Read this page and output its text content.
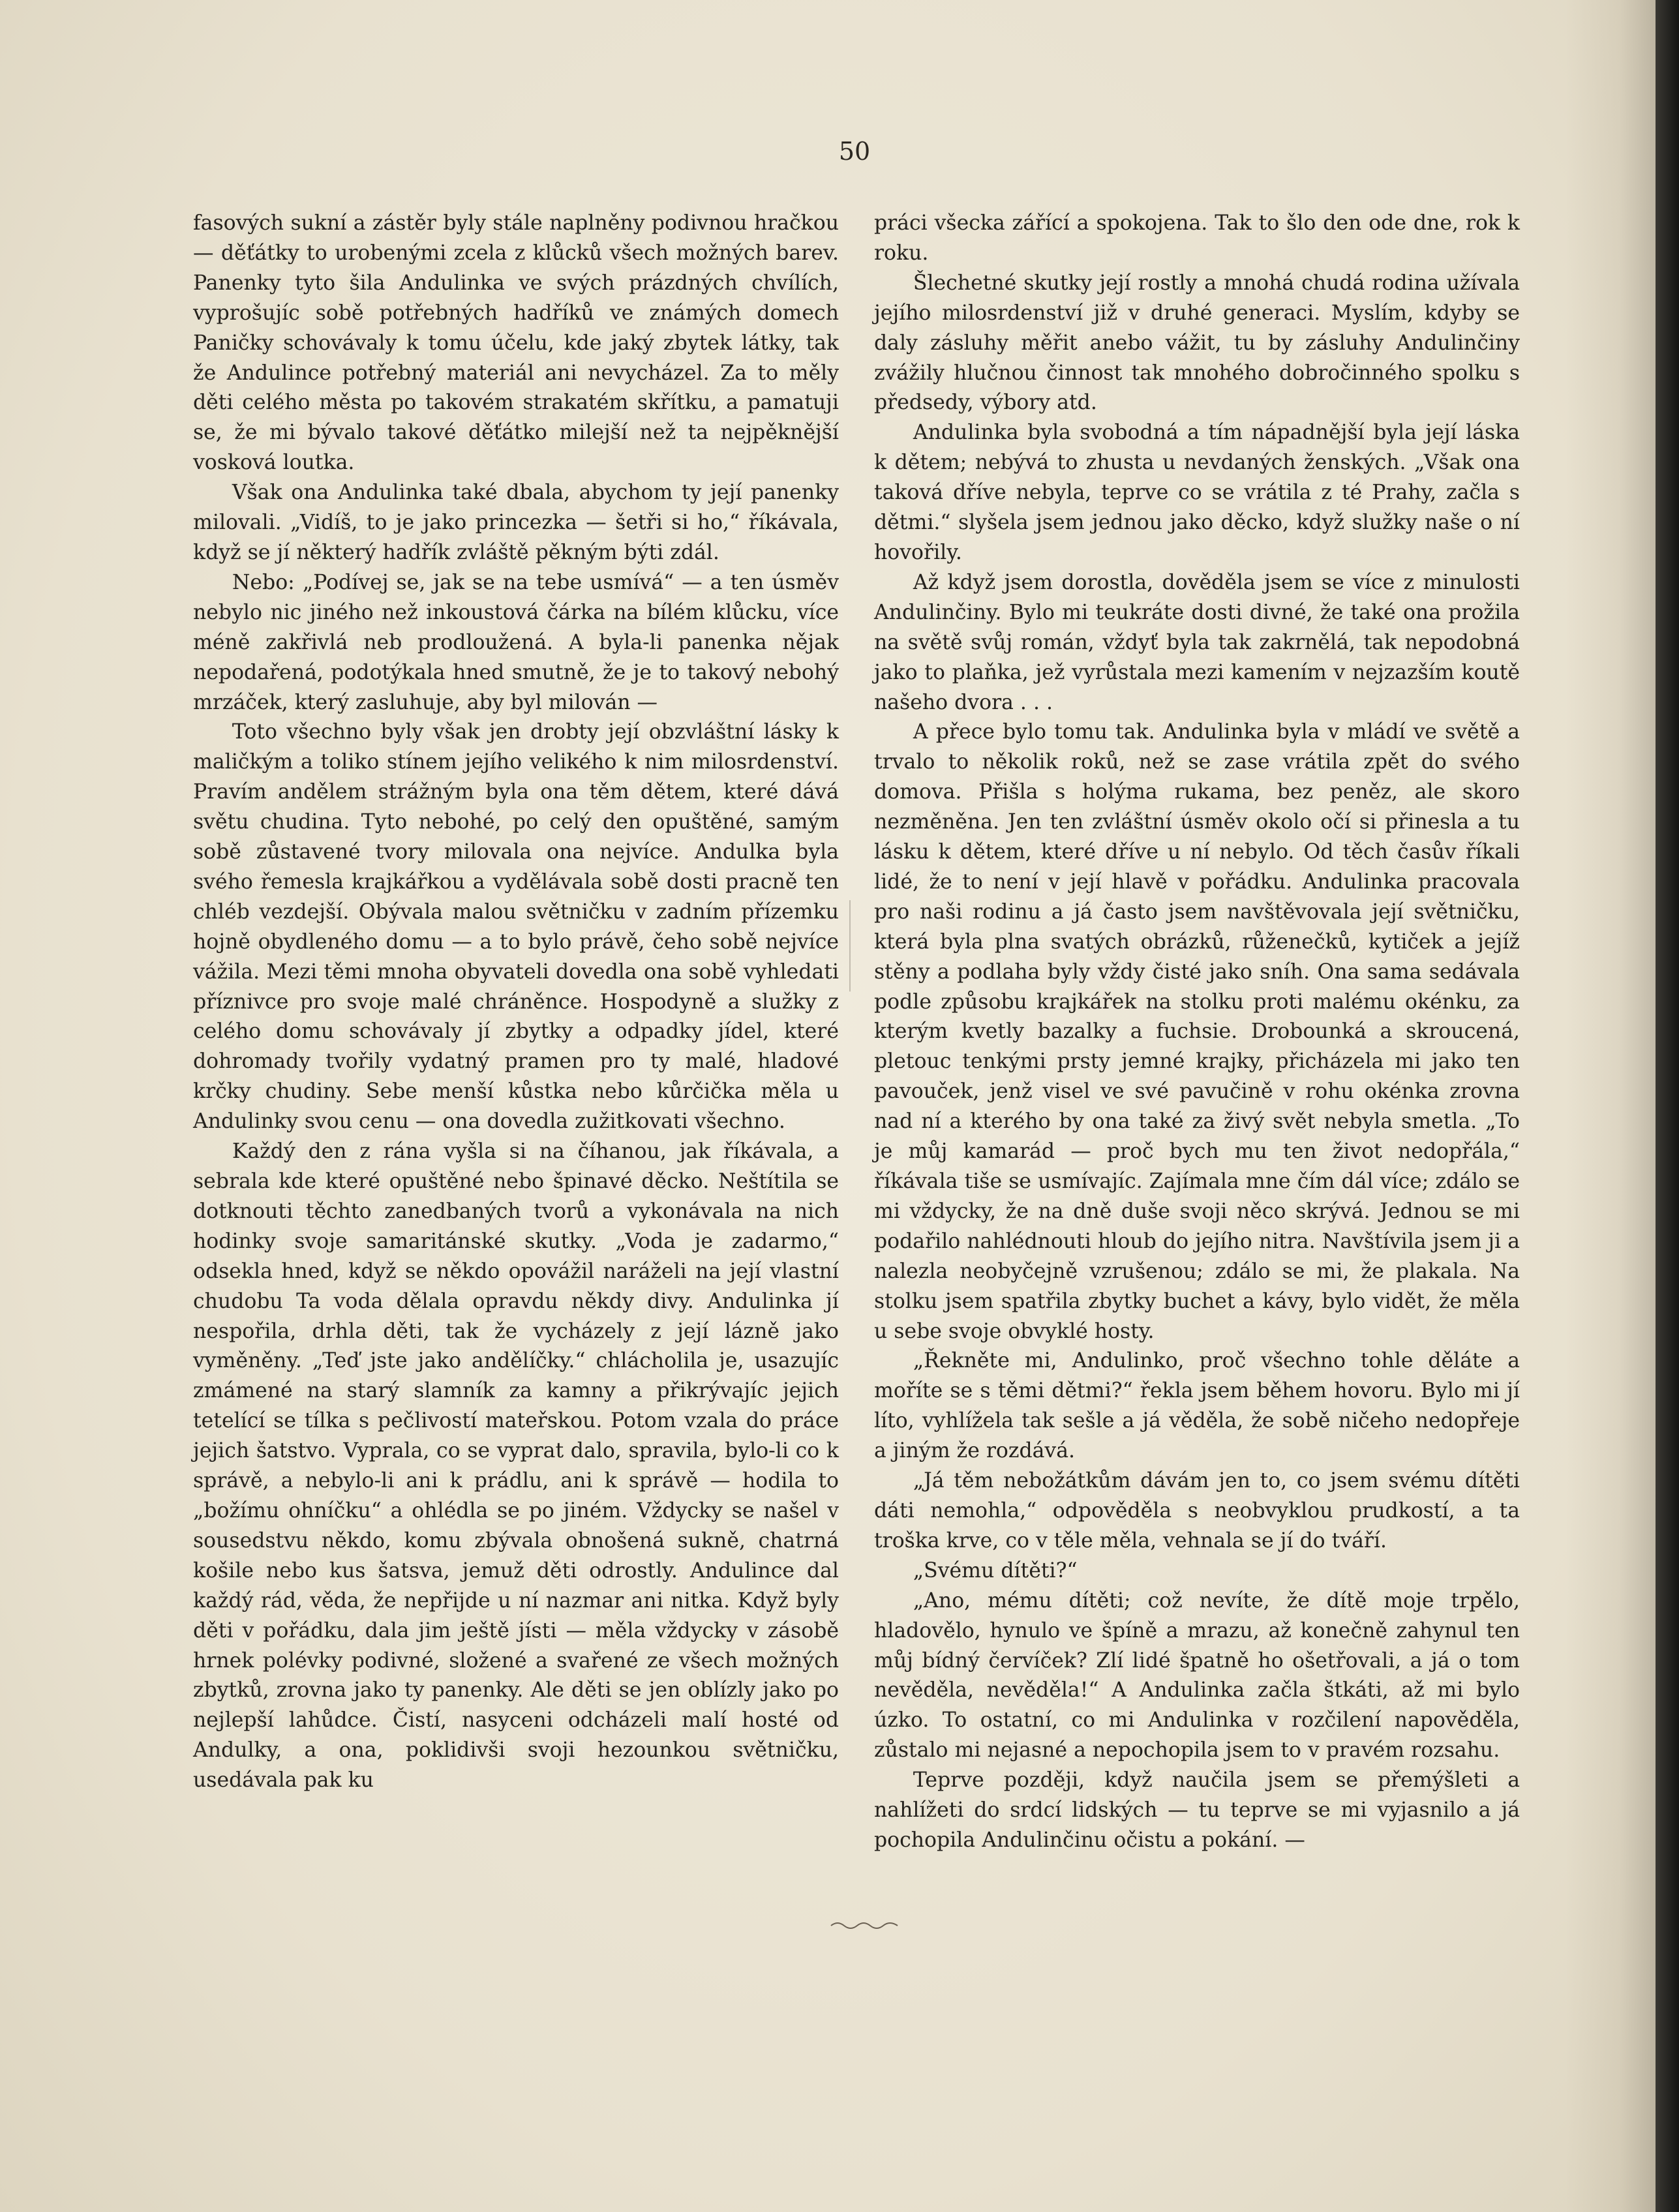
50

fasových sukní a zástěr byly stále naplněny podivnou hračkou — děťátky to urobenými zcela z klůcků všech možných barev. Panenky tyto šila Andulinka ve svých prázdných chvílích, vyprošujíc sobě potřebných hadříků ve známých domech Paničky schovávaly k tomu účelu, kde jaký zbytek látky, tak že Andulince potřebný materiál ani nevycházel. Za to měly děti celého města po takovém strakatém skřítku, a pamatuji se, že mi bývalo takové děťátko milejší než ta nejpěknější vosková loutka.

Však ona Andulinka také dbala, abychom ty její panenky milovali. „Vidíš, to je jako princezka — šetři si ho,“ říkávala, když se jí některý hadřík zvláště pěkným býti zdál.

Nebo: „Podívej se, jak se na tebe usmívá“ — a ten úsměv nebylo nic jiného než inkoustová čárka na bílém klůcku, více méně zakřivlá neb prodloužená. A byla-li panenka nějak nepodařená, podotýkala hned smutně, že je to takový nebohý mrzáček, který zasluhuje, aby byl milován —

Toto všechno byly však jen drobty její obzvláštní lásky k maličkým a toliko stínem jejího velikého k nim milosrdenství. Pravím andělem strážným byla ona těm dětem, které dává světu chudina. Tyto nebohé, po celý den opuštěné, samým sobě zůstavené tvory milovala ona nejvíce. Andulka byla svého řemesla krajkářkou a vydělávala sobě dosti pracně ten chléb vezdejší. Obývala malou světničku v zadním přízemku hojně obydleného domu — a to bylo právě, čeho sobě nejvíce vážila. Mezi těmi mnoha obyvateli dovedla ona sobě vyhledati příznivce pro svoje malé chráněnce. Hospodyně a služky z celého domu schovávaly jí zbytky a odpadky jídel, které dohromady tvořily vydatný pramen pro ty malé, hladové krčky chudiny. Sebe menší kůstka nebo kůrčička měla u Andulinky svou cenu — ona dovedla zužitkovati všechno.

Každý den z rána vyšla si na číhanou, jak říkávala, a sebrala kde které opuštěné nebo špinavé děcko. Neštítila se dotknouti těchto zanedbaných tvorů a vykonávala na nich hodinky svoje samaritánské skutky. „Voda je zadarmo,“ odsekla hned, když se někdo opovážil naráželi na její vlastní chudobu Ta voda dělala opravdu někdy divy. Andulinka jí nespořila, drhla děti, tak že vycházely z její lázně jako vyměněny. „Teď jste jako andělíčky.“ chlácholila je, usazujíc zmámené na starý slamník za kamny a přikrývajíc jejich tetelící se tílka s pečlivostí mateřskou. Potom vzala do práce jejich šatstvo. Vyprala, co se vyprat dalo, spravila, bylo-li co k správě, a nebylo-li ani k prádlu, ani k správě — hodila to „božímu ohníčku“ a ohlédla se po jiném. Vždycky se našel v sousedstvu někdo, komu zbývala obnošená sukně, chatrná košile nebo kus šatsva, jemuž děti odrostly. Andulince dal každý rád, věda, že nepřijde u ní nazmar ani nitka. Když byly děti v pořádku, dala jim ještě jísti — měla vždycky v zásobě hrnek polévky podivné, složené a svařené ze všech možných zbytků, zrovna jako ty panenky. Ale děti se jen oblízly jako po nejlepší lahůdce. Čistí, nasyceni odcházeli malí hosté od Andulky, a ona, poklidivši svoji hezounkou světničku, usedávala pak ku

práci všecka zářící a spokojena. Tak to šlo den ode dne, rok k roku.

Šlechetné skutky její rostly a mnohá chudá rodina užívala jejího milosrdenství již v druhé generaci. Myslím, kdyby se daly zásluhy měřit anebo vážit, tu by zásluhy Andulinčiny zvážily hlučnou činnost tak mnohého dobročinného spolku s předsedy, výbory atd.

Andulinka byla svobodná a tím nápadnější byla její láska k dětem; nebývá to zhusta u nevdaných ženských. „Však ona taková dříve nebyla, teprve co se vrátila z té Prahy, začla s dětmi.“ slyšela jsem jednou jako děcko, když služky naše o ní hovořily.

Až když jsem dorostla, dověděla jsem se více z minulosti Andulinčiny. Bylo mi teukráte dosti divné, že také ona prožila na světě svůj román, vždyť byla tak zakrnělá, tak nepodobná jako to plaňka, jež vyrůstala mezi kamením v nejzazším koutě našeho dvora . . .

A přece bylo tomu tak. Andulinka byla v mládí ve světě a trvalo to několik roků, než se zase vrátila zpět do svého domova. Přišla s holýma rukama, bez peněz, ale skoro nezměněna. Jen ten zvláštní úsměv okolo očí si přinesla a tu lásku k dětem, které dříve u ní nebylo. Od těch časův říkali lidé, že to není v její hlavě v pořádku. Andulinka pracovala pro naši rodinu a já často jsem navštěvovala její světničku, která byla plna svatých obrázků, růženečků, kytiček a jejíž stěny a podlaha byly vždy čisté jako sníh. Ona sama sedávala podle způsobu krajkářek na stolku proti malému okénku, za kterým kvetly bazalky a fuchsie. Drobounká a skroucená, pletouc tenkými prsty jemné krajky, přicházela mi jako ten pavouček, jenž visel ve své pavučině v rohu okénka zrovna nad ní a kterého by ona také za živý svět nebyla smetla. „To je můj kamarád — proč bych mu ten život nedopřála,“ říkávala tiše se usmívajíc. Zajímala mne čím dál více; zdálo se mi vždycky, že na dně duše svoji něco skrývá. Jednou se mi podařilo nahlédnouti hloub do jejího nitra. Navštívila jsem ji a nalezla neobyčejně vzrušenou; zdálo se mi, že plakala. Na stolku jsem spatřila zbytky buchet a kávy, bylo vidět, že měla u sebe svoje obvyklé hosty.

„Řekněte mi, Andulinko, proč všechno tohle děláte a moříte se s těmi dětmi?“ řekla jsem během hovoru. Bylo mi jí líto, vyhlížela tak sešle a já věděla, že sobě ničeho nedopřeje a jiným že rozdává.

„Já těm nebožátkům dávám jen to, co jsem svému dítěti dáti nemohla,“ odpověděla s neobvyklou prudkostí, a ta troška krve, co v těle měla, vehnala se jí do tváří.

„Svému dítěti?“

„Ano, mému dítěti; což nevíte, že dítě moje trpělo, hladovělo, hynulo ve špíně a mrazu, až konečně zahynul ten můj bídný červíček? Zlí lidé špatně ho ošetřovali, a já o tom nevěděla, nevěděla!“ A Andulinka začla štkáti, až mi bylo úzko. To ostatní, co mi Andulinka v rozčilení napověděla, zůstalo mi nejasné a nepochopila jsem to v pravém rozsahu.

Teprve později, když naučila jsem se přemýšleti a nahlížeti do srdcí lidských — tu teprve se mi vyjasnilo a já pochopila Andulinčinu očistu a pokání. —
